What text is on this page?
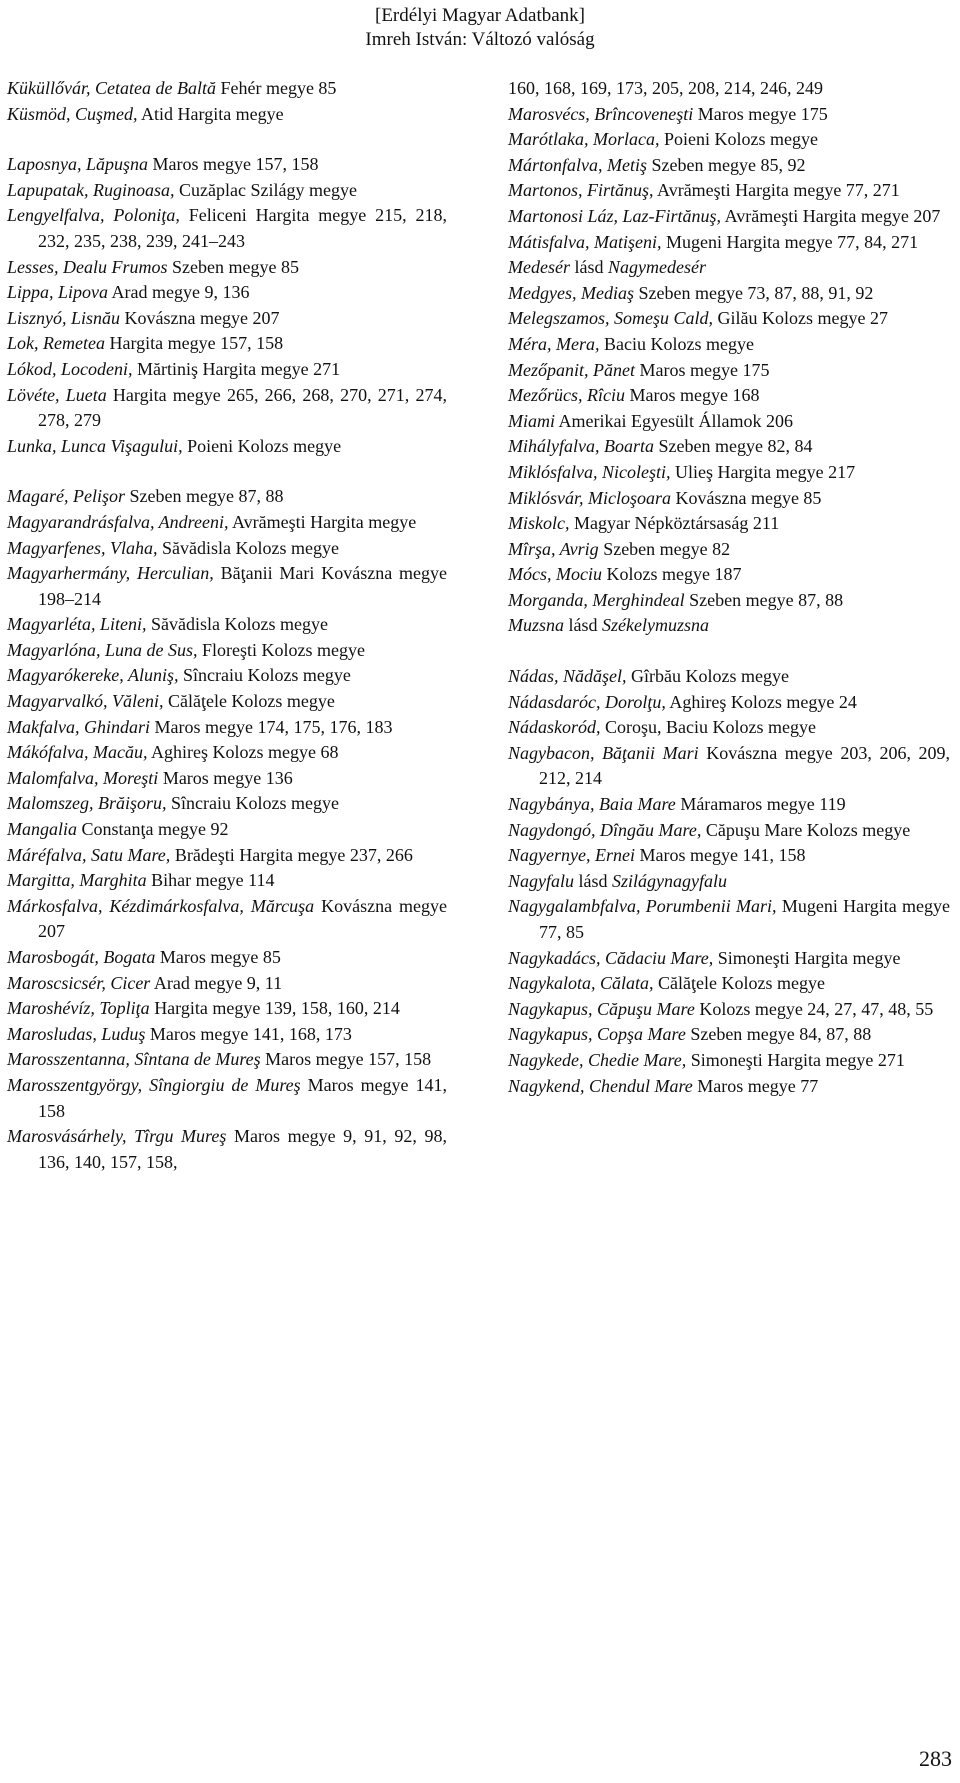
[Erdélyi Magyar Adatbank]
Imreh István: Változó valóság
Küküllővár, Cetatea de Baltă Fehér megye 85
Küsmöd, Cuşmed, Atid Hargita megye
Laposnya, Lăpuşna Maros megye 157, 158
Lapupatak, Ruginoasa, Cuzăplac Szilágy megye
Lengyelfalva, Poloniţa, Feliceni Hargita megye 215, 218, 232, 235, 238, 239, 241–243
Lesses, Dealu Frumos Szeben megye 85
Lippa, Lipova Arad megye 9, 136
Lisznyó, Lisnău Kovászna megye 207
Lok, Remetea Hargita megye 157, 158
Lókod, Locodeni, Mărtiniş Hargita megye 271
Lövéte, Lueta Hargita megye 265, 266, 268, 270, 271, 274, 278, 279
Lunka, Lunca Vişagului, Poieni Kolozs megye
Magaré, Pelişor Szeben megye 87, 88
Magyarandrásfalva, Andreeni, Avrămeşti Hargita megye
Magyarfenes, Vlaha, Săvădisla Kolozs megye
Magyarhermány, Herculian, Băţanii Mari Kovászna megye 198–214
Magyarléta, Liteni, Săvădisla Kolozs megye
Magyarlóna, Luna de Sus, Floreşti Kolozs megye
Magyarókereke, Aluniş, Sîncraiu Kolozs megye
Magyarvalkó, Văleni, Călăţele Kolozs megye
Makfalva, Ghindari Maros megye 174, 175, 176, 183
Mákófalva, Macău, Aghireş Kolozs megye 68
Malomfalva, Moreşti Maros megye 136
Malomszeg, Brăişoru, Sîncraiu Kolozs megye
Mangalia Constanţa megye 92
Máréfalva, Satu Mare, Brădeşti Hargita megye 237, 266
Margitta, Marghita Bihar megye 114
Márkosfalva, Kézdimárkosfalva, Mărcuşa Kovászna megye 207
Marosbogát, Bogata Maros megye 85
Maroscsicsér, Cicer Arad megye 9, 11
Maroshévíz, Topliţa Hargita megye 139, 158, 160, 214
Marosludas, Luduş Maros megye 141, 168, 173
Marosszentanna, Sîntana de Mureş Maros megye 157, 158
Marosszentgyörgy, Sîngiorgiu de Mureş Maros megye 141, 158
Marosvásárhely, Tîrgu Mureş Maros megye 9, 91, 92, 98, 136, 140, 157, 158,
160, 168, 169, 173, 205, 208, 214, 246, 249
Marosvécs, Brîncoveneşti Maros megye 175
Marótlaka, Morlaca, Poieni Kolozs megye
Mártonfalva, Metiş Szeben megye 85, 92
Martonos, Firtănuş, Avrămeşti Hargita megye 77, 271
Martonosi Láz, Laz-Firtănuş, Avrămeşti Hargita megye 207
Mátisfalva, Matişeni, Mugeni Hargita megye 77, 84, 271
Medesér lásd Nagymedesér
Medgyes, Mediaş Szeben megye 73, 87, 88, 91, 92
Melegszamos, Someşu Cald, Gilău Kolozs megye 27
Méra, Mera, Baciu Kolozs megye
Mezőpanit, Pănet Maros megye 175
Mezőrücs, Rîciu Maros megye 168
Miami Amerikai Egyesült Államok 206
Mihályfalva, Boarta Szeben megye 82, 84
Miklósfalva, Nicoleşti, Ulieş Hargita megye 217
Miklósvár, Micloşoara Kovászna megye 85
Miskolc, Magyar Népköztársaság 211
Mîrşa, Avrig Szeben megye 82
Mócs, Mociu Kolozs megye 187
Morganda, Merghindeal Szeben megye 87, 88
Muzsna lásd Székelymuzsna
Nádas, Nădăşel, Gîrbău Kolozs megye
Nádasdaróc, Dorolţu, Aghireş Kolozs megye 24
Nádaskoród, Coroşu, Baciu Kolozs megye
Nagybacon, Băţanii Mari Kovászna megye 203, 206, 209, 212, 214
Nagybánya, Baia Mare Máramaros megye 119
Nagydongó, Dîngău Mare, Căpuşu Mare Kolozs megye
Nagyernye, Ernei Maros megye 141, 158
Nagyfalu lásd Szilágynagyfalu
Nagygalambfalva, Porumbenii Mari, Mugeni Hargita megye 77, 85
Nagykadács, Cădaciu Mare, Simoneşti Hargita megye
Nagykalota, Călata, Călăţele Kolozs megye
Nagykapus, Căpuşu Mare Kolozs megye 24, 27, 47, 48, 55
Nagykapus, Copşa Mare Szeben megye 84, 87, 88
Nagykede, Chedie Mare, Simoneşti Hargita megye 271
Nagykend, Chendul Mare Maros megye 77
283
